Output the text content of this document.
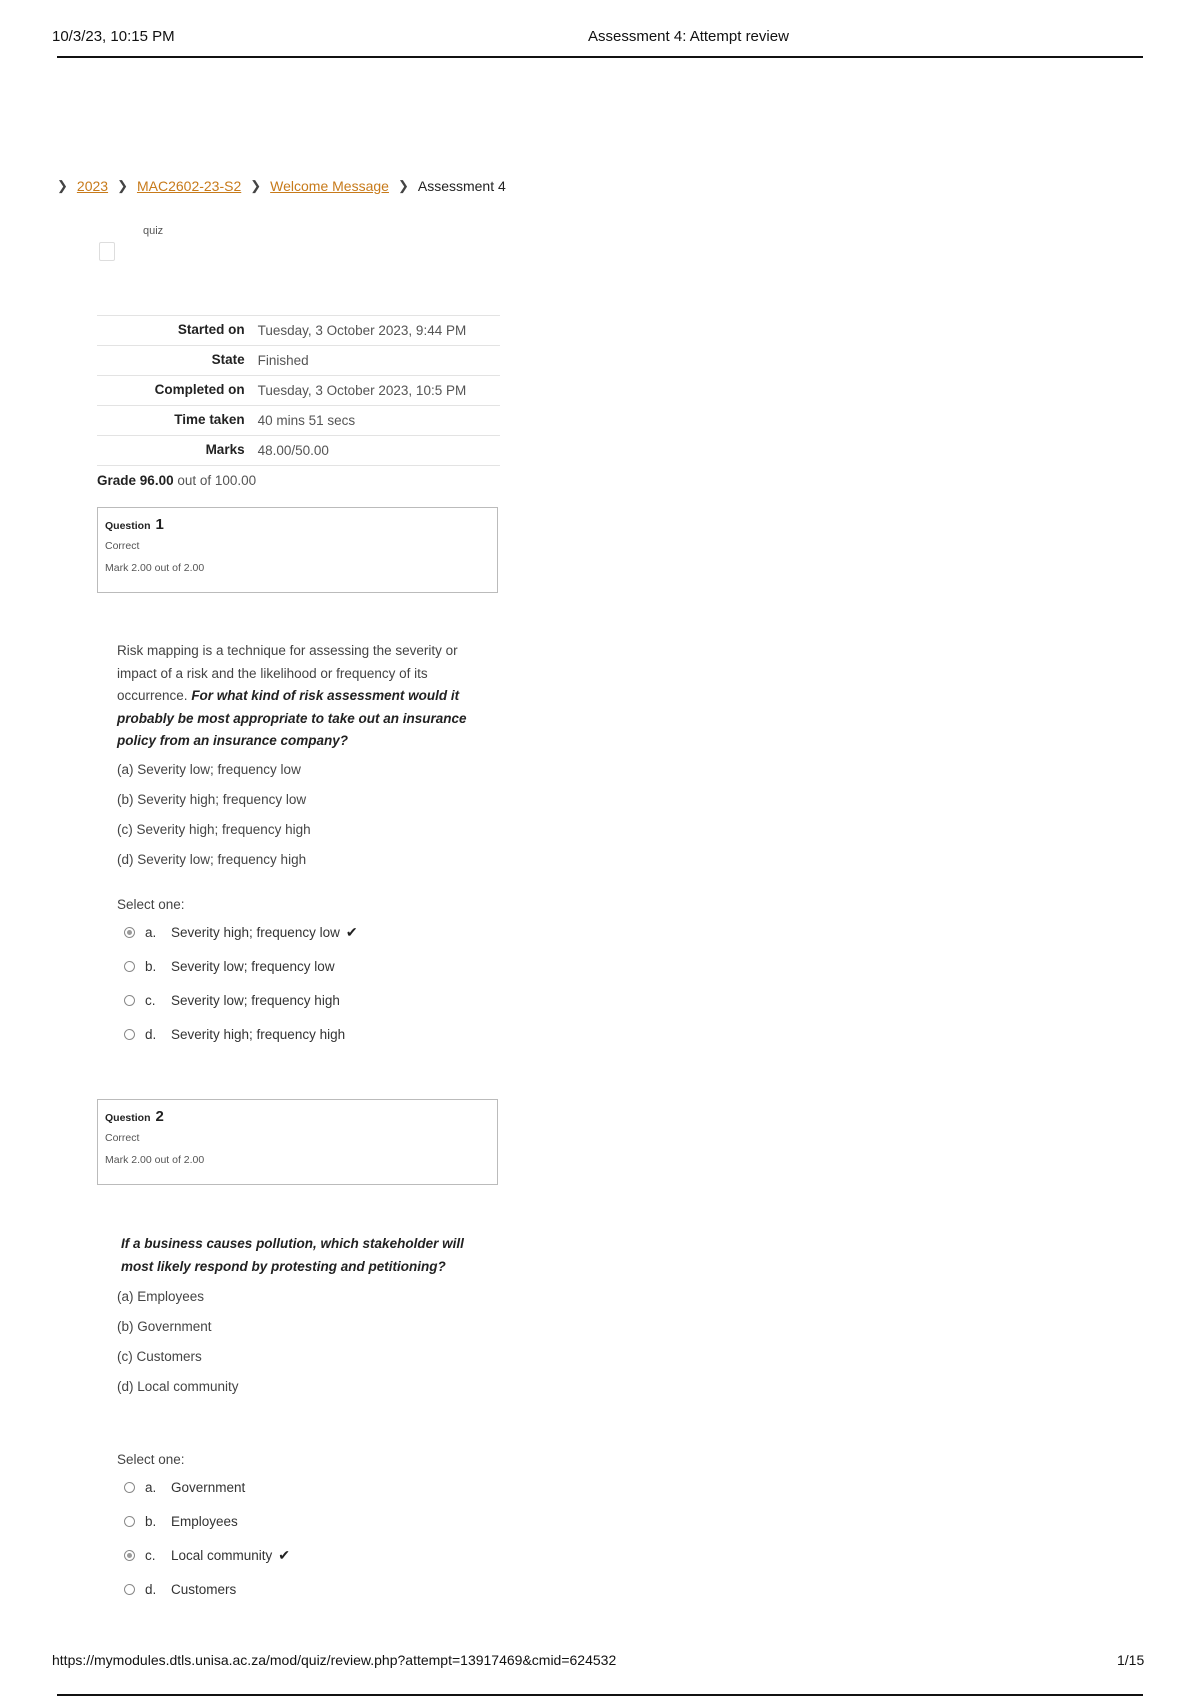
10/3/23, 10:15 PM	Assessment 4: Attempt review
❯ 2023 ❯ MAC2602-23-S2 ❯ Welcome Message ❯ Assessment 4
quiz
Started on	Tuesday, 3 October 2023, 9:44 PM
State	Finished
Completed on	Tuesday, 3 October 2023, 10:5 PM
Time taken	40 mins 51 secs
Marks	48.00/50.00
Grade 96.00 out of 100.00	
Question 1
Correct
Mark 2.00 out of 2.00
Risk mapping is a technique for assessing the severity or impact of a risk and the likelihood or frequency of its occurrence. For what kind of risk assessment would it probably be most appropriate to take out an insurance policy from an insurance company?
(a) Severity low; frequency low
(b) Severity high; frequency low
(c) Severity high; frequency high
(d) Severity low; frequency high
Select one:
a.	Severity high; frequency low ✔
b.	Severity low; frequency low
c.	Severity low; frequency high
d.	Severity high; frequency high
Question 2
Correct
Mark 2.00 out of 2.00
If a business causes pollution, which stakeholder will most likely respond by protesting and petitioning?
(a) Employees
(b) Government
(c) Customers
(d) Local community
Select one:
a.	Government
b.	Employees
c.	Local community ✔
d.	Customers
https://mymodules.dtls.unisa.ac.za/mod/quiz/review.php?attempt=13917469&cmid=624532	1/15
